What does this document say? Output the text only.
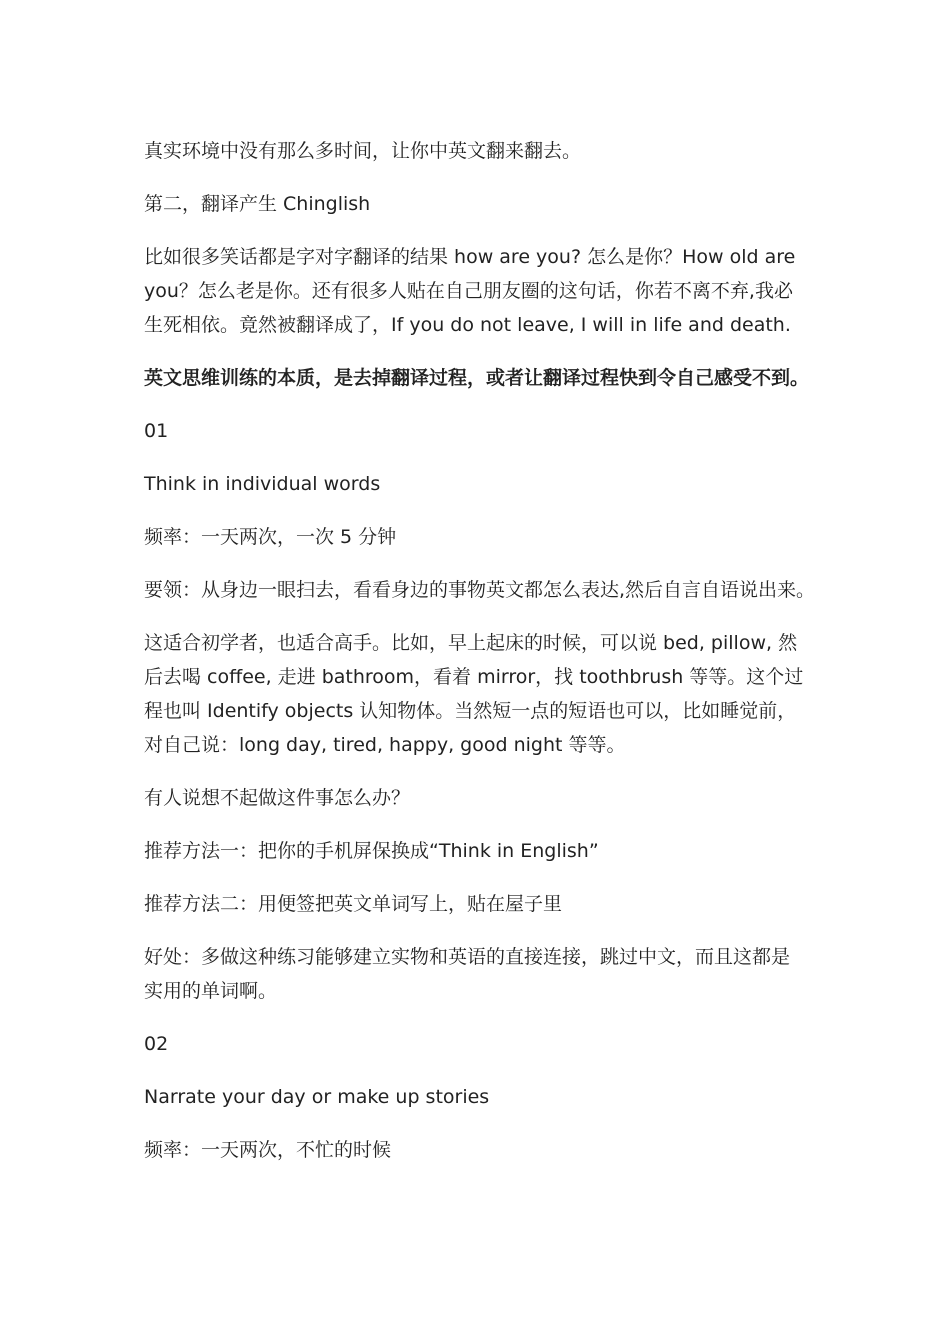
真实环境中没有那么多时间，让你中英文翻来翻去。

第二，翻译产生 Chinglish

比如很多笑话都是字对字翻译的结果 how are you? 怎么是你？How old are
you？怎么老是你。还有很多人贴在自己朋友圈的这句话，你若不离不弃,我必
生死相依。竟然被翻译成了，If you do not leave, I will in life and death.

英文思维训练的本质，是去掉翻译过程，或者让翻译过程快到令自己感受不到。

01

Think in individual words

频率：一天两次，一次 5 分钟

要领：从身边一眼扫去，看看身边的事物英文都怎么表达,然后自言自语说出来。

这适合初学者，也适合高手。比如，早上起床的时候，可以说 bed, pillow, 然
后去喝 coffee, 走进 bathroom，看着 mirror，找 toothbrush 等等。这个过
程也叫 Identify objects 认知物体。当然短一点的短语也可以，比如睡觉前，
对自己说：long day, tired, happy, good night 等等。

有人说想不起做这件事怎么办？

推荐方法一：把你的手机屏保换成“Think in English”

推荐方法二：用便签把英文单词写上，贴在屋子里

好处：多做这种练习能够建立实物和英语的直接连接，跳过中文，而且这都是
实用的单词啊。

02

Narrate your day or make up stories

频率：一天两次，不忙的时候
